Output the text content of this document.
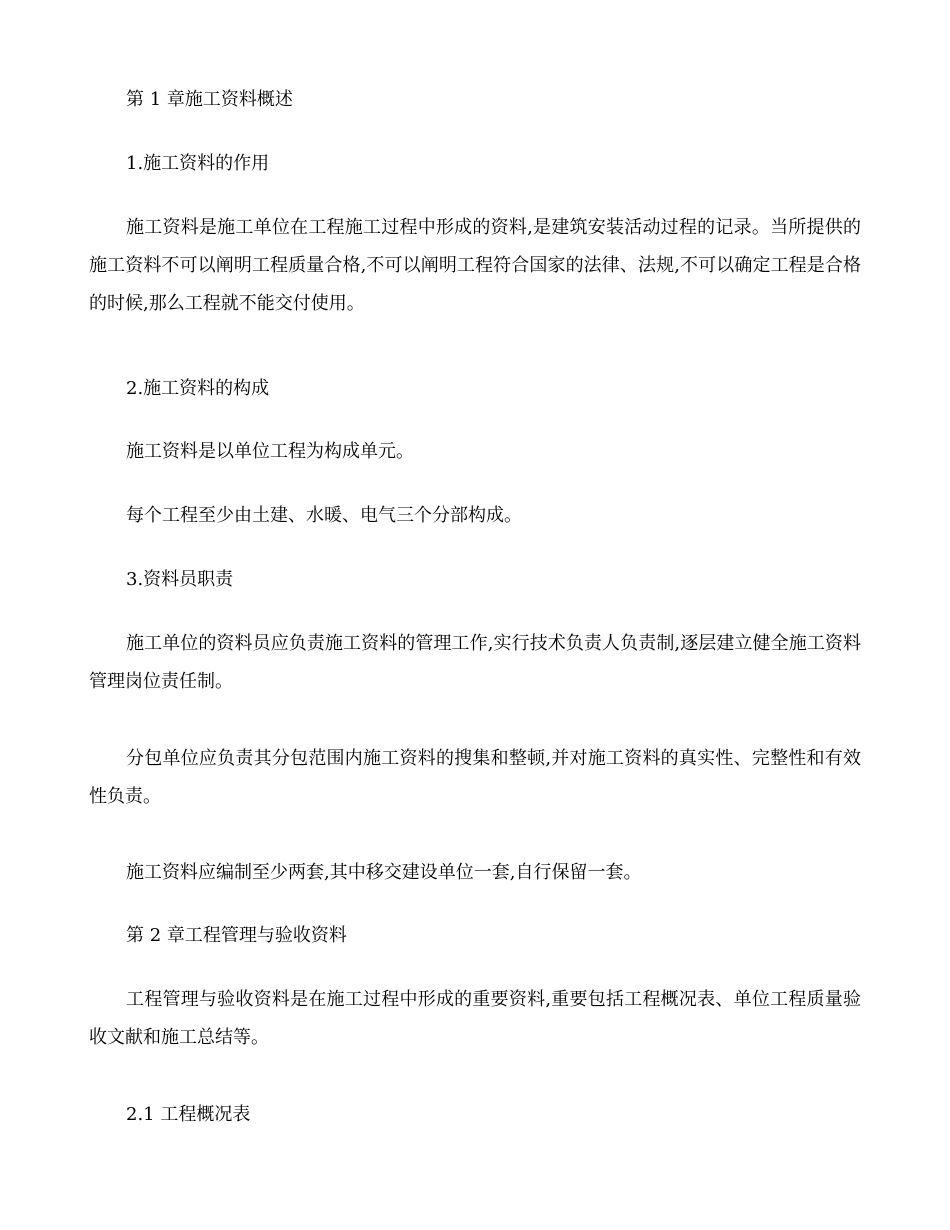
第 1 章施工资料概述

1.施工资料的作用

施工资料是施工单位在工程施工过程中形成的资料,是建筑安装活动过程的记录。当所提供的施工资料不可以阐明工程质量合格,不可以阐明工程符合国家的法律、法规,不可以确定工程是合格的时候,那么工程就不能交付使用。

2.施工资料的构成

施工资料是以单位工程为构成单元。

每个工程至少由土建、水暖、电气三个分部构成。

3.资料员职责

施工单位的资料员应负责施工资料的管理工作,实行技术负责人负责制,逐层建立健全施工资料管理岗位责任制。

分包单位应负责其分包范围内施工资料的搜集和整顿,并对施工资料的真实性、完整性和有效性负责。

施工资料应编制至少两套,其中移交建设单位一套,自行保留一套。

第 2 章工程管理与验收资料

工程管理与验收资料是在施工过程中形成的重要资料,重要包括工程概况表、单位工程质量验收文献和施工总结等。

2.1 工程概况表
